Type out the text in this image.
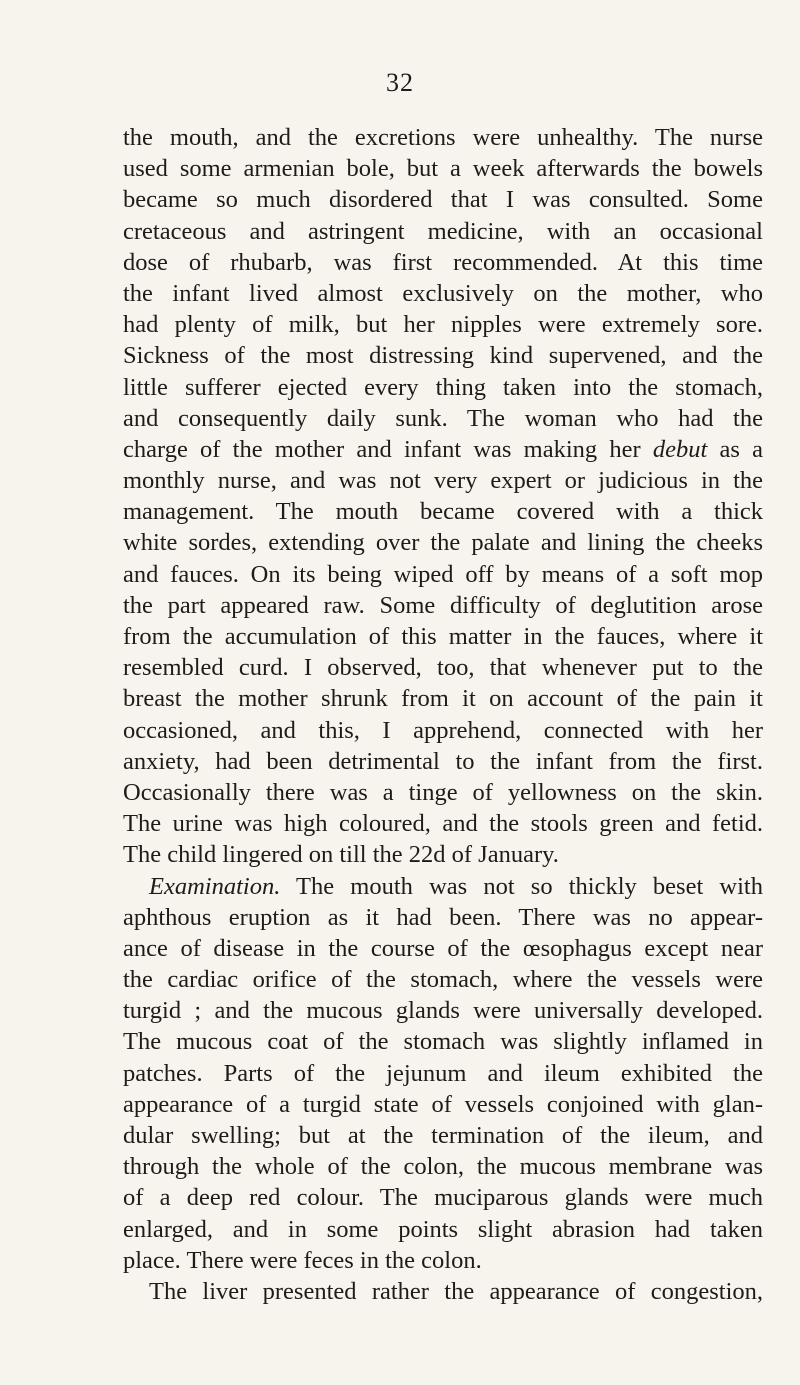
32
the mouth, and the excretions were unhealthy. The nurse
used some armenian bole, but a week afterwards the bowels
became so much disordered that I was consulted. Some
cretaceous and astringent medicine, with an occasional
dose of rhubarb, was first recommended. At this time
the infant lived almost exclusively on the mother, who
had plenty of milk, but her nipples were extremely sore.
Sickness of the most distressing kind supervened, and the
little sufferer ejected every thing taken into the stomach,
and consequently daily sunk. The woman who had the
charge of the mother and infant was making her debut as a
monthly nurse, and was not very expert or judicious in the
management. The mouth became covered with a thick
white sordes, extending over the palate and lining the cheeks
and fauces. On its being wiped off by means of a soft mop
the part appeared raw. Some difficulty of deglutition arose
from the accumulation of this matter in the fauces, where it
resembled curd. I observed, too, that whenever put to the
breast the mother shrunk from it on account of the pain it
occasioned, and this, I apprehend, connected with her
anxiety, had been detrimental to the infant from the first.
Occasionally there was a tinge of yellowness on the skin.
The urine was high coloured, and the stools green and fetid.
The child lingered on till the 22d of January.
Examination. The mouth was not so thickly beset with
aphthous eruption as it had been. There was no appear-
ance of disease in the course of the œsophagus except near
the cardiac orifice of the stomach, where the vessels were
turgid ; and the mucous glands were universally developed.
The mucous coat of the stomach was slightly inflamed in
patches. Parts of the jejunum and ileum exhibited the
appearance of a turgid state of vessels conjoined with glan-
dular swelling; but at the termination of the ileum, and
through the whole of the colon, the mucous membrane was
of a deep red colour. The muciparous glands were much
enlarged, and in some points slight abrasion had taken
place. There were feces in the colon.
The liver presented rather the appearance of congestion,
